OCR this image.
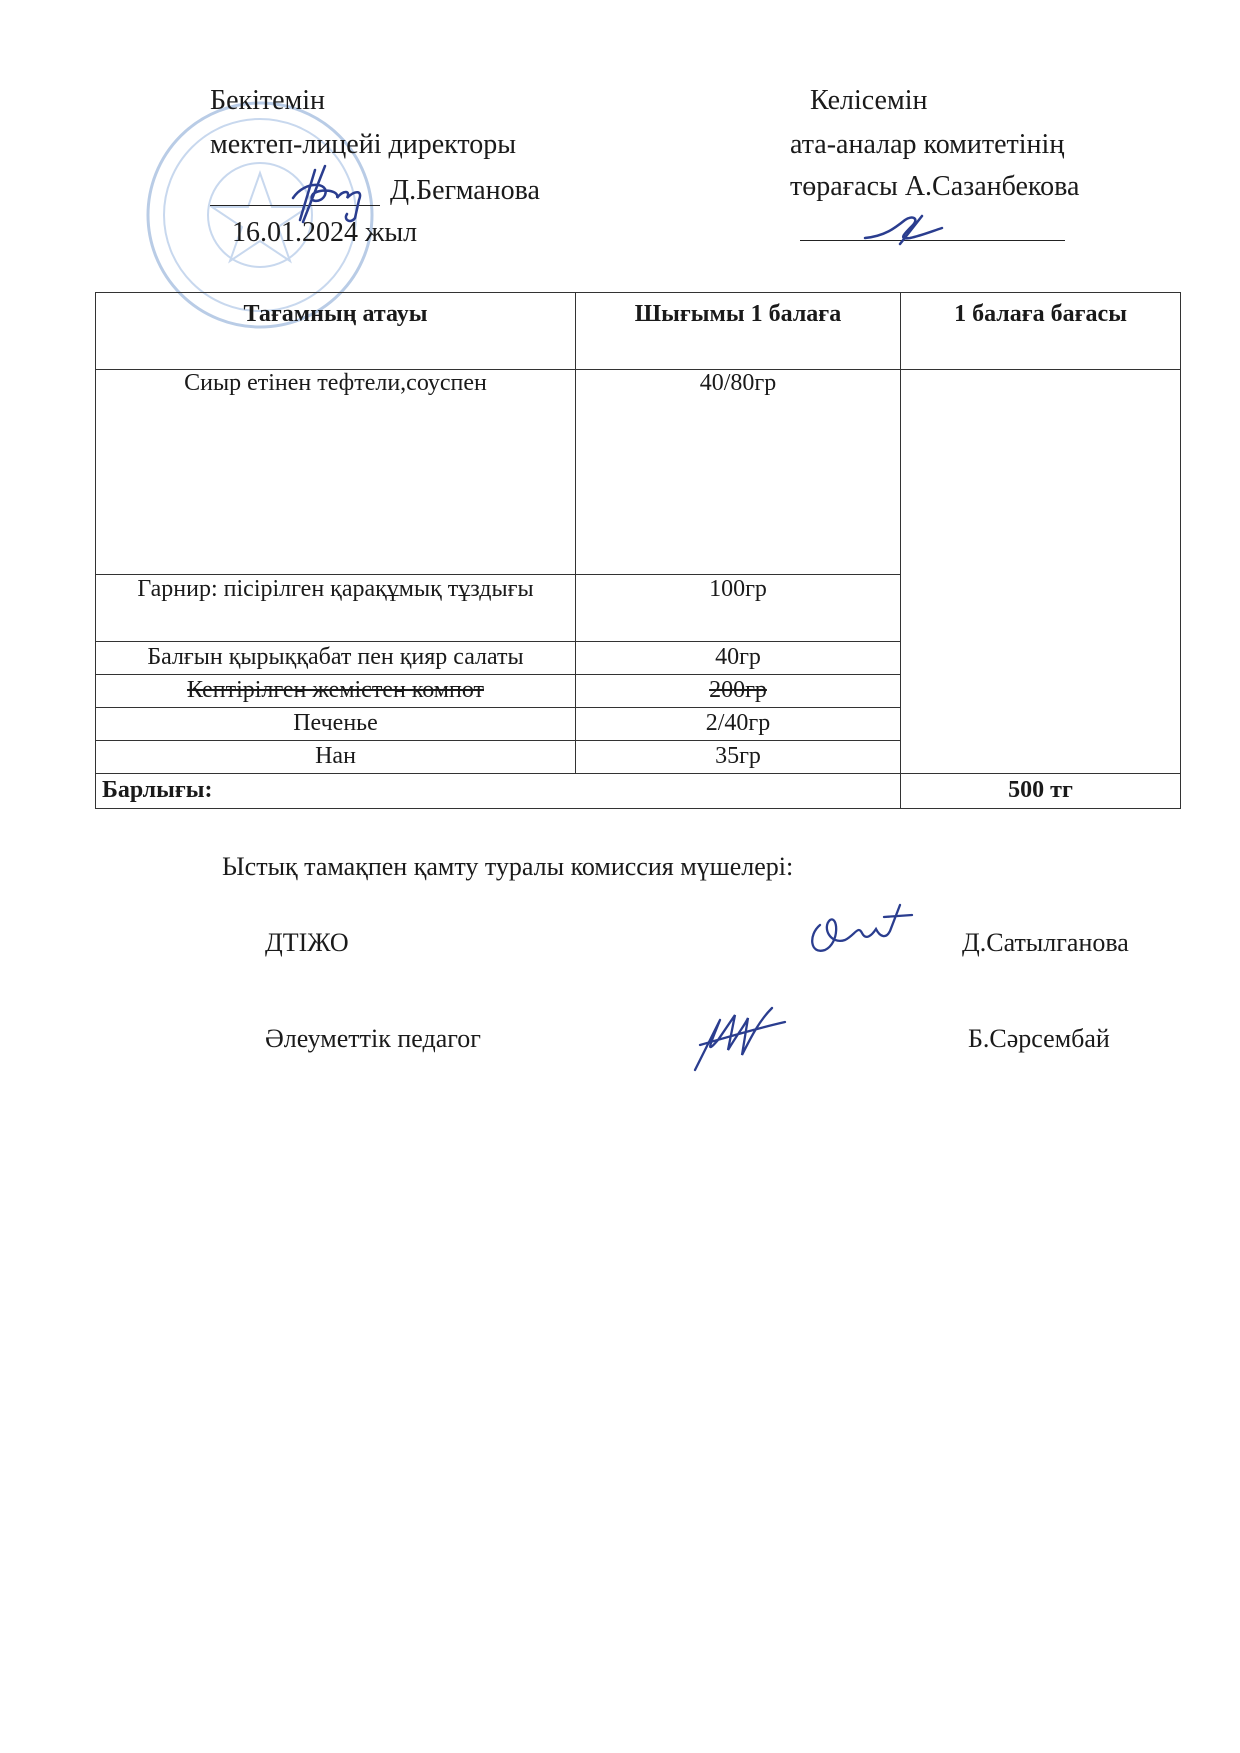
Бекітемін
мектеп-лицейі директоры
Д.Бегманова
16.01.2024 жыл
Келісемін
ата-аналар комитетінің
төрағасы А.Сазанбекова
Тағамның атауы	Шығымы 1 балаға	1 балаға бағасы
Сиыр етінен тефтели,соуспен	40/80гр	
Гарнир: пісірілген қарақұмық тұздығы	100гр	
Балғын қырыққабат пен қияр салаты	40гр	
Кептірілген жемістен компот	200гр	
Печенье	2/40гр	
Нан	35гр	
Барлығы:		500 тг
Ыстық тамақпен қамту туралы комиссия мүшелері:
ДТІЖО	Д.Сатылганова
Әлеуметтік педагог	Б.Сәрсембай
